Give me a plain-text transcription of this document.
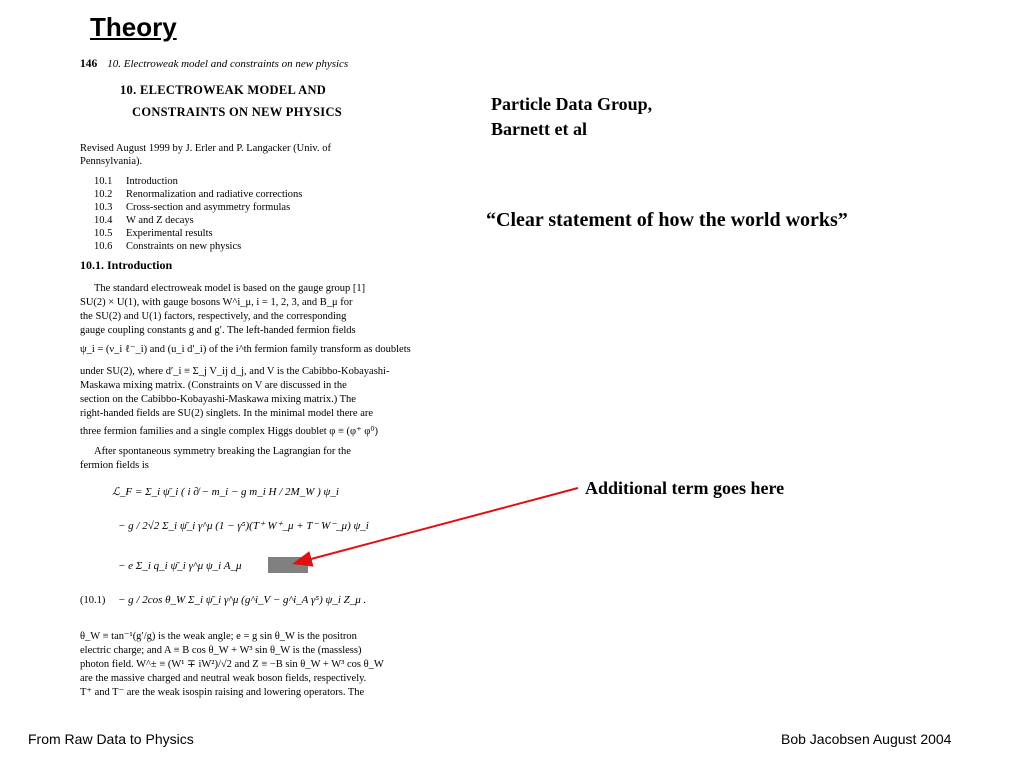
Theory
146 10. Electroweak model and constraints on new physics
10. ELECTROWEAK MODEL AND
CONSTRAINTS ON NEW PHYSICS
Revised August 1999 by J. Erler and P. Langacker (Univ. of
Pennsylvania).
10.1 Introduction
10.2 Renormalization and radiative corrections
10.3 Cross-section and asymmetry formulas
10.4 W and Z decays
10.5 Experimental results
10.6 Constraints on new physics
10.1. Introduction
The standard electroweak model is based on the gauge group [1]
SU(2) × U(1), with gauge bosons W^i_μ, i = 1, 2, 3, and B_μ for
the SU(2) and U(1) factors, respectively, and the corresponding
gauge coupling constants g and g′. The left-handed fermion fields
ψ_i = (ν_i ℓ⁻_i) and (u_i d′_i) of the i^th fermion family transform as doublets
under SU(2), where d′_i ≡ Σ_j V_ij d_j, and V is the Cabibbo-Kobayashi-
Maskawa mixing matrix. (Constraints on V are discussed in the
section on the Cabibbo-Kobayashi-Maskawa mixing matrix.) The
right-handed fields are SU(2) singlets. In the minimal model there are
three fermion families and a single complex Higgs doublet φ ≡ (φ⁺ φ⁰)
After spontaneous symmetry breaking the Lagrangian for the
fermion fields is
ℒ_F = Σ_i ψ̄_i ( i ∂̸ − m_i − g m_i H / 2M_W ) ψ_i
− g / 2√2 Σ_i ψ̄_i γ^μ (1 − γ⁵)(T⁺ W⁺_μ + T⁻ W⁻_μ) ψ_i
− e Σ_i q_i ψ̄_i γ^μ ψ_i A_μ
− g / 2cos θ_W Σ_i ψ̄_i γ^μ (g^i_V − g^i_A γ⁵) ψ_i Z_μ .
(10.1)
θ_W ≡ tan⁻¹(g′/g) is the weak angle; e = g sin θ_W is the positron
electric charge; and A ≡ B cos θ_W + W³ sin θ_W is the (massless)
photon field. W^± ≡ (W¹ ∓ iW²)/√2 and Z ≡ −B sin θ_W + W³ cos θ_W
are the massive charged and neutral weak boson fields, respectively.
T⁺ and T⁻ are the weak isospin raising and lowering operators. The
Particle Data Group,
Barnett et al
“Clear statement of how the world works”
Additional term goes here
From Raw Data to Physics	Bob Jacobsen August 2004
